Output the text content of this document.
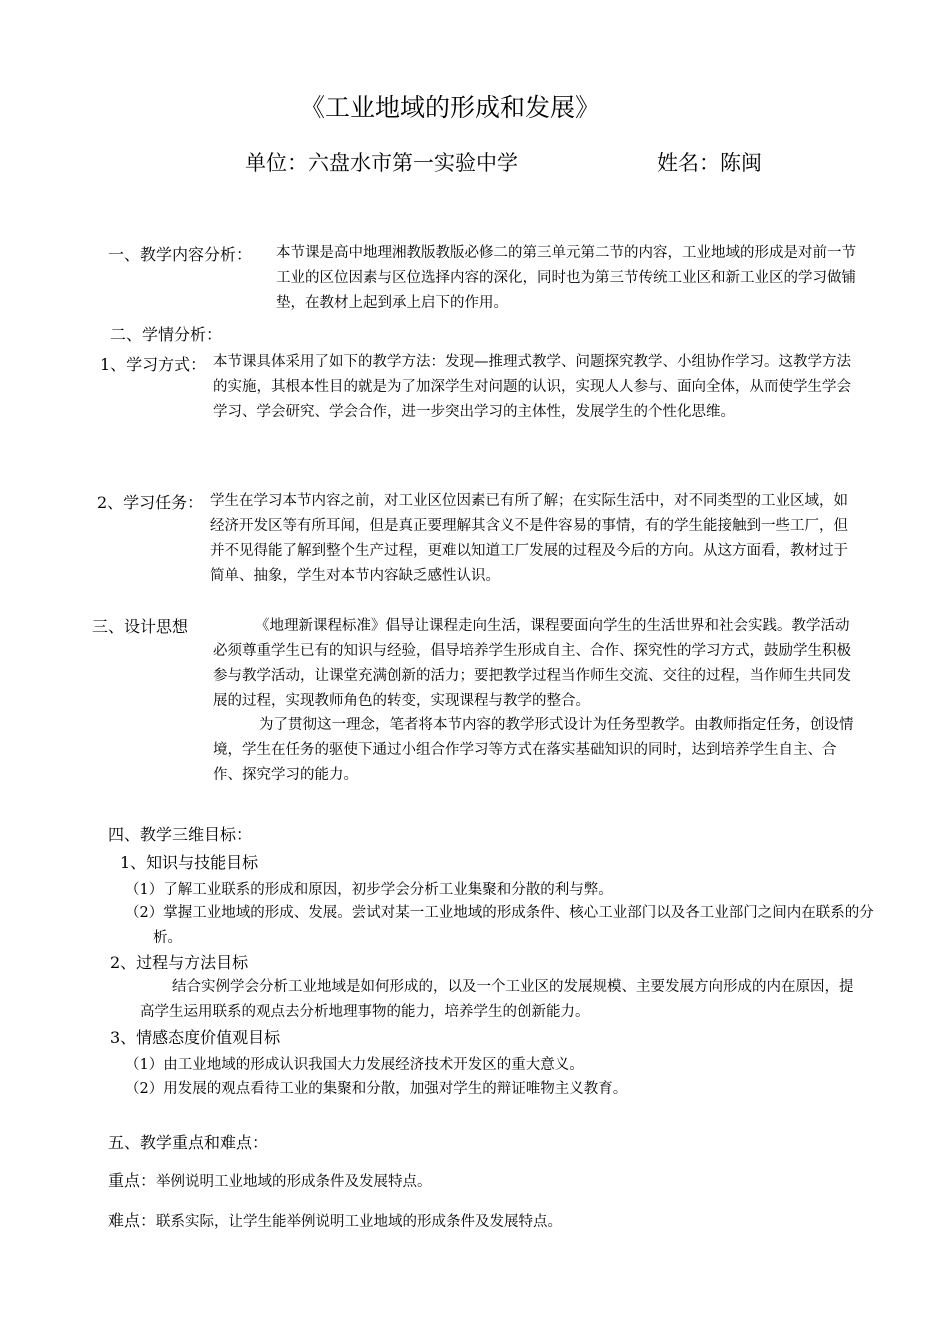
《工业地域的形成和发展》
单位：六盘水市第一实验中学	姓名：陈闽
一、教学内容分析： 本节课是高中地理湘教版教版必修二的第三单元第二节的内容，工业地域的形成是对前一节工业的区位因素与区位选择内容的深化，同时也为第三节传统工业区和新工业区的学习做铺垫，在教材上起到承上启下的作用。
二、学情分析：
1、学习方式： 本节课具体采用了如下的教学方法：发现—推理式教学、问题探究教学、小组协作学习。这教学方法的实施，其根本性目的就是为了加深学生对问题的认识，实现人人参与、面向全体，从而使学生学会学习、学会研究、学会合作，进一步突出学习的主体性，发展学生的个性化思维。
2、学习任务： 学生在学习本节内容之前，对工业区位因素已有所了解；在实际生活中，对不同类型的工业区域，如经济开发区等有所耳闻，但是真正要理解其含义不是件容易的事情，有的学生能接触到一些工厂，但并不见得能了解到整个生产过程，更难以知道工厂发展的过程及今后的方向。从这方面看，教材过于简单、抽象，学生对本节内容缺乏感性认识。
三、设计思想	《地理新课程标准》倡导让课程走向生活，课程要面向学生的生活世界和社会实践。教学活动必须尊重学生已有的知识与经验，倡导培养学生形成自主、合作、探究性的学习方式，鼓励学生积极参与教学活动，让课堂充满创新的活力；要把教学过程当作师生交流、交往的过程，当作师生共同发展的过程，实现教师角色的转变，实现课程与教学的整合。
为了贯彻这一理念，笔者将本节内容的教学形式设计为任务型教学。由教师指定任务，创设情境，学生在任务的驱使下通过小组合作学习等方式在落实基础知识的同时，达到培养学生自主、合作、探究学习的能力。
四、教学三维目标：
1、知识与技能目标
（1）了解工业联系的形成和原因，初步学会分析工业集聚和分散的利与弊。
（2）掌握工业地域的形成、发展。尝试对某一工业地域的形成条件、核心工业部门以及各工业部门之间内在联系的分析。
2、过程与方法目标
结合实例学会分析工业地域是如何形成的，以及一个工业区的发展规模、主要发展方向形成的内在原因，提高学生运用联系的观点去分析地理事物的能力，培养学生的创新能力。
3、情感态度价值观目标
（1）由工业地域的形成认识我国大力发展经济技术开发区的重大意义。
（2）用发展的观点看待工业的集聚和分散，加强对学生的辩证唯物主义教育。
五、教学重点和难点：
重点：举例说明工业地域的形成条件及发展特点。
难点：联系实际，让学生能举例说明工业地域的形成条件及发展特点。
